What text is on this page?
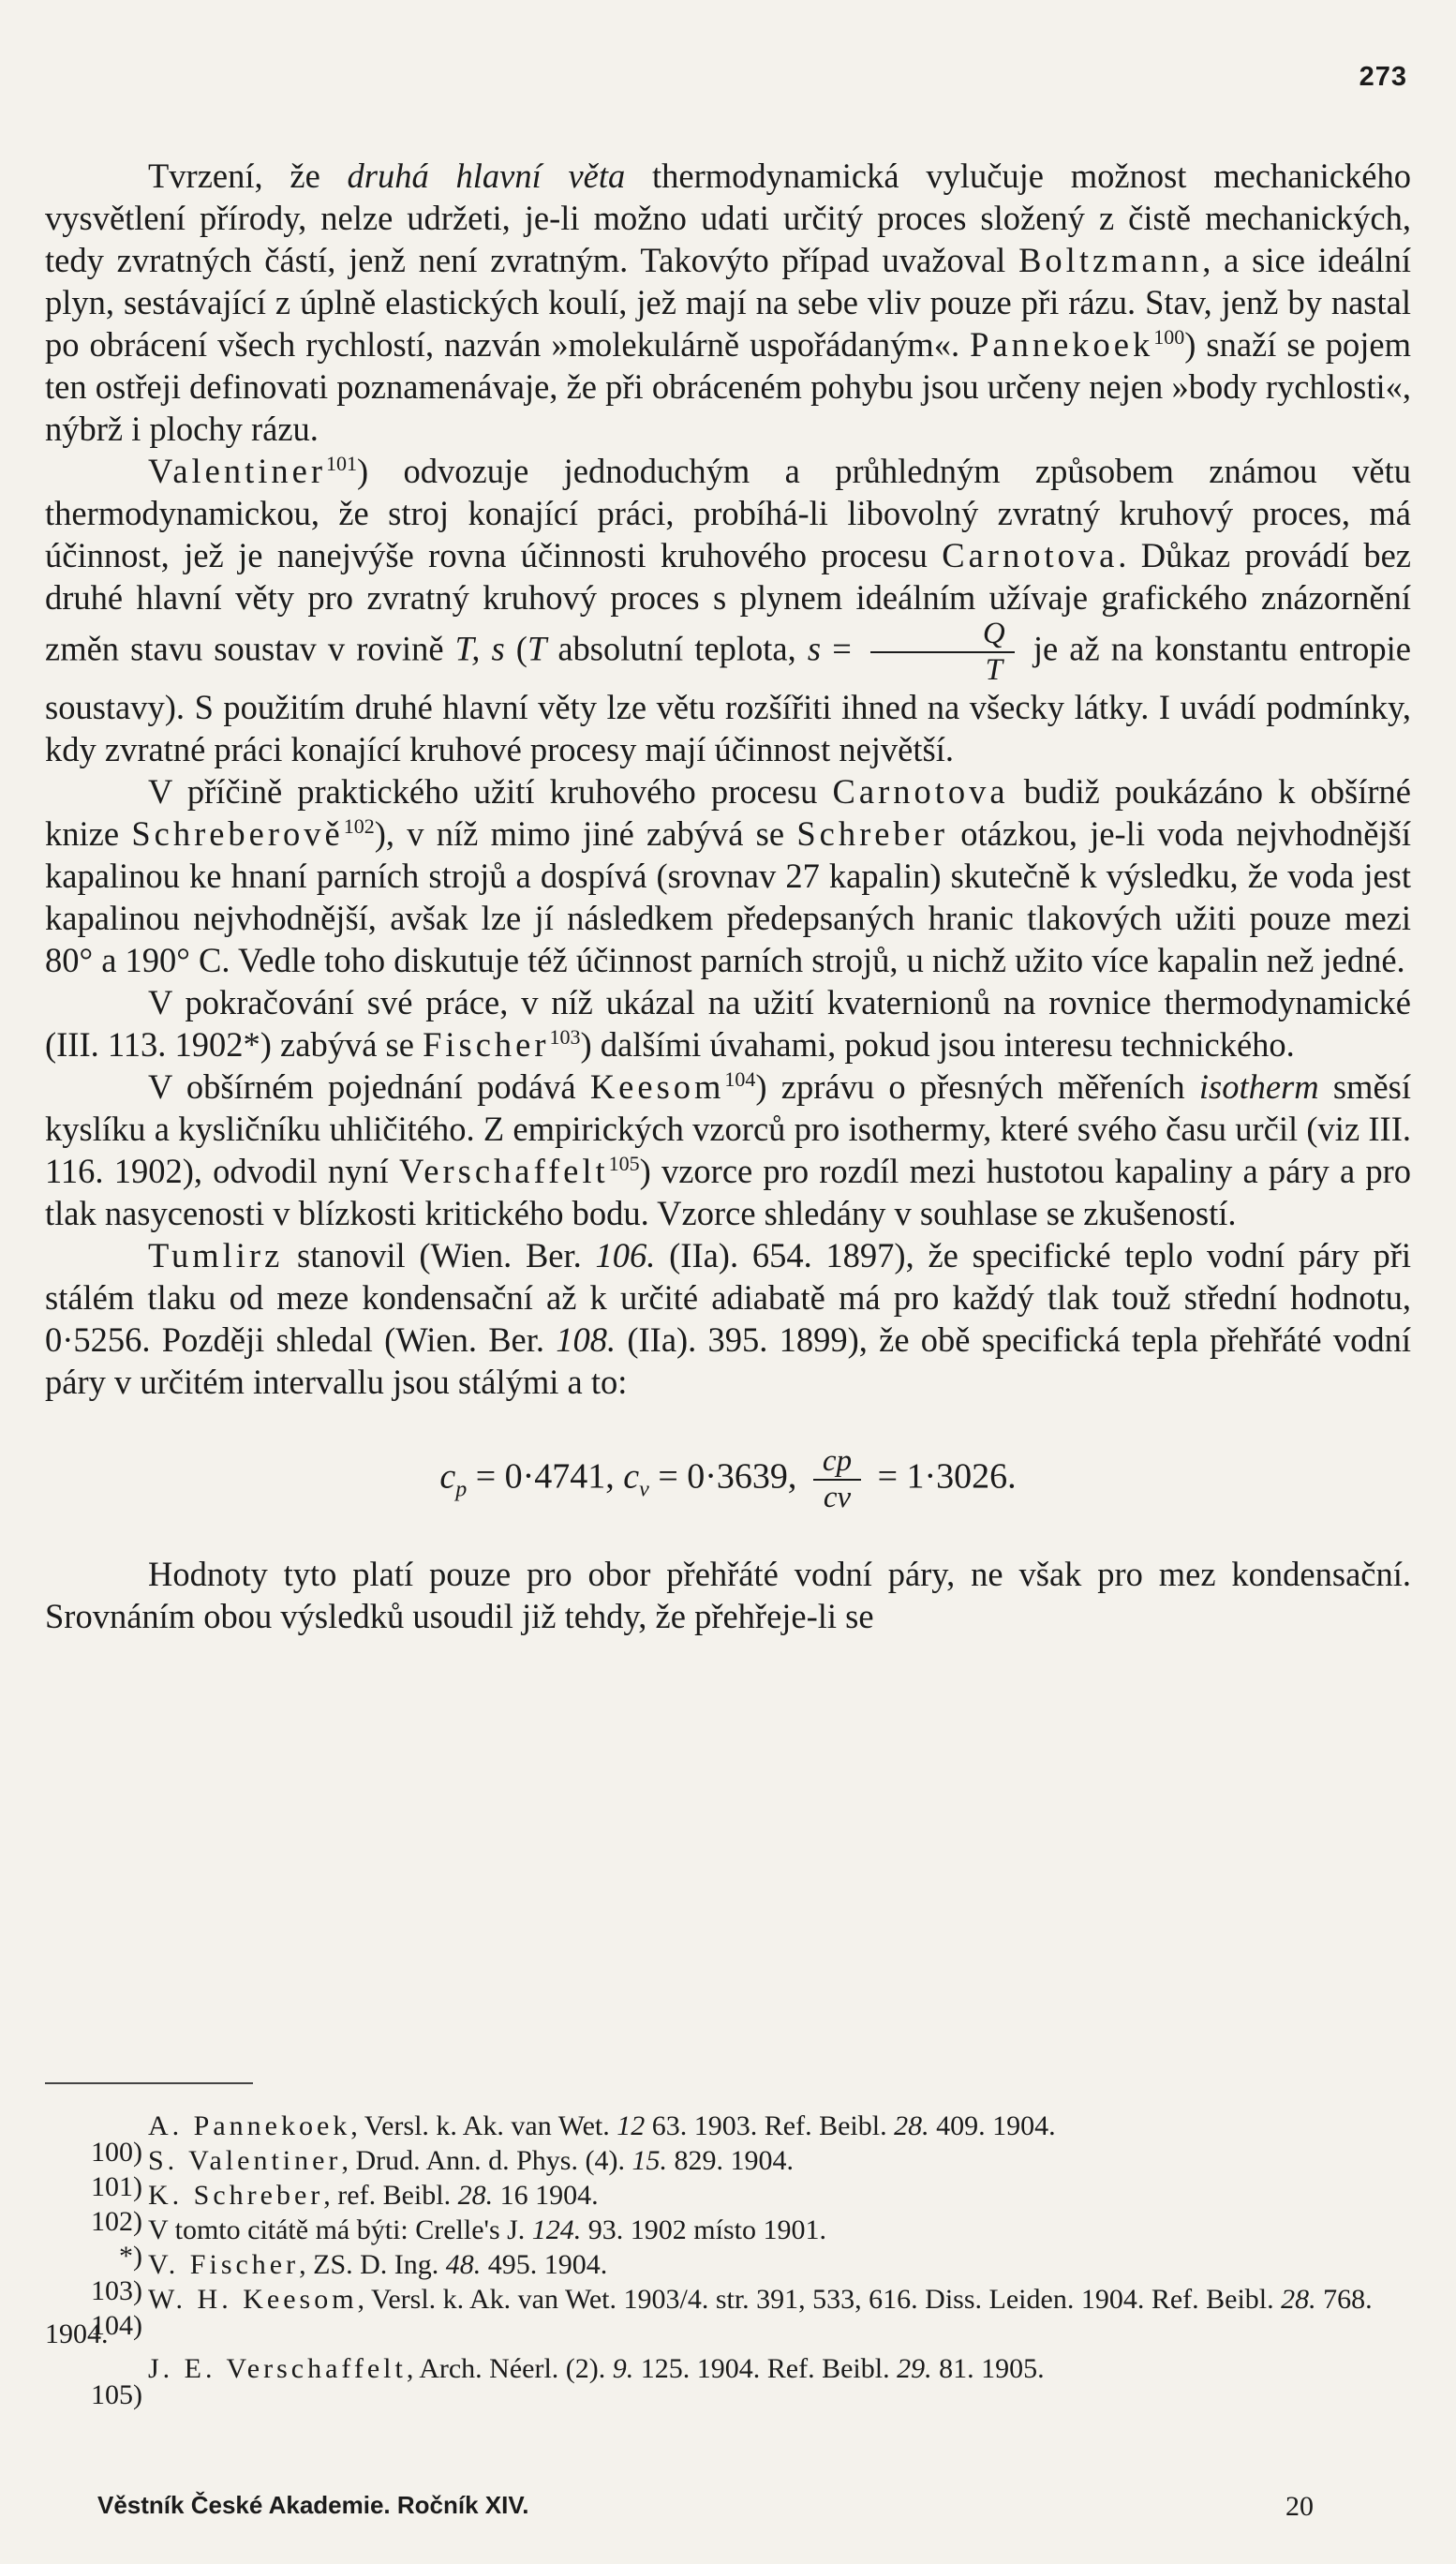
273

Tvrzení, že druhá hlavní věta thermodynamická vylučuje možnost mechanického vysvětlení přírody, nelze udržeti, je-li možno udati určitý proces složený z čistě mechanických, tedy zvratných částí, jenž není zvratným. Takovýto případ uvažoval Boltzmann, a sice ideální plyn, sestávající z úplně elastických koulí, jež mají na sebe vliv pouze při rázu. Stav, jenž by nastal po obrácení všech rychlostí, nazván »molekulárně uspořádaným«. Pannekoek$^{100}$) snaží se pojem ten ostřeji definovati poznamenávaje, že při obráceném pohybu jsou určeny nejen »body rychlosti«, nýbrž i plochy rázu.

Valentiner$^{101}$) odvozuje jednoduchým a průhledným způsobem známou větu thermodynamickou, že stroj konající práci, probíhá-li libovolný zvratný kruhový proces, má účinnost, jež je nanejvýše rovna účinnosti kruhového procesu Carnotova. Důkaz provádí bez druhé hlavní věty pro zvratný kruhový proces s plynem ideálním užívaje grafického znázornění změn stavu soustav v rovině T, s (T absolutní teplota, $s = \frac{Q}{T}$ je až na konstantu entropie soustavy). S použitím druhé hlavní věty lze větu rozšířiti ihned na všecky látky. I uvádí podmínky, kdy zvratné práci konající kruhové procesy mají účinnost největší.

V příčině praktického užití kruhového procesu Carnotova budiž poukázáno k obšírné knize Schreberově$^{102}$), v níž mimo jiné zabývá se Schreber otázkou, je-li voda nejvhodnější kapalinou ke hnaní parních strojů a dospívá (srovnav 27 kapalin) skutečně k výsledku, že voda jest kapalinou nejvhodnější, avšak lze jí následkem předepsaných hranic tlakových užiti pouze mezi 80° a 190° C. Vedle toho diskutuje též účinnost parních strojů, u nichž užito více kapalin než jedné.

V pokračování své práce, v níž ukázal na užití kvaternionů na rovnice thermodynamické (III. 113. 1902*) zabývá se Fischer$^{103}$) dalšími úvahami, pokud jsou interesu technického.

V obšírném pojednání podává Keesom$^{104}$) zprávu o přesných měřeních isotherm směsí kyslíku a kysličníku uhličitého. Z empirických vzorců pro isothermy, které svého času určil (viz III. 116. 1902), odvodil nyní Verschaffelt$^{105}$) vzorce pro rozdíl mezi hustotou kapaliny a páry a pro tlak nasycenosti v blízkosti kritického bodu. Vzorce shledány v souhlase se zkušeností.

Tumlirz stanovil (Wien. Ber. 106. (IIa). 654. 1897), že specifické teplo vodní páry při stálém tlaku od meze kondensační až k určité adiabatě má pro každý tlak touž střední hodnotu, 0·5256. Později shledal (Wien. Ber. 108. (IIa). 395. 1899), že obě specifická tepla přehřáté vodní páry v určitém intervallu jsou stálými a to:

$c_p = 0\cdot 4741$, $c_v = 0\cdot 3639$, $\frac{cp}{cv} = 1\cdot 3026$.

Hodnoty tyto platí pouze pro obor přehřáté vodní páry, ne však pro mez kondensační. Srovnáním obou výsledků usoudil již tehdy, že přehřeje-li se

100)
A. Pannekoek, Versl. k. Ak. van Wet. 12 63. 1903. Ref. Beibl. 28. 409. 1904.
101)
S. Valentiner, Drud. Ann. d. Phys. (4). 15. 829. 1904.
102)
K. Schreber, ref. Beibl. 28. 16 1904.
*)
V tomto citátě má býti: Crelle's J. 124. 93. 1902 místo 1901.
103)
V. Fischer, ZS. D. Ing. 48. 495. 1904.
104)
W. H. Keesom, Versl. k. Ak. van Wet. 1903/4. str. 391, 533, 616. Diss. Leiden. 1904. Ref. Beibl. 28. 768. 1904.
105)
J. E. Verschaffelt, Arch. Néerl. (2). 9. 125. 1904. Ref. Beibl. 29. 81. 1905.
Věstník České Akademie. Ročník XIV.	20
